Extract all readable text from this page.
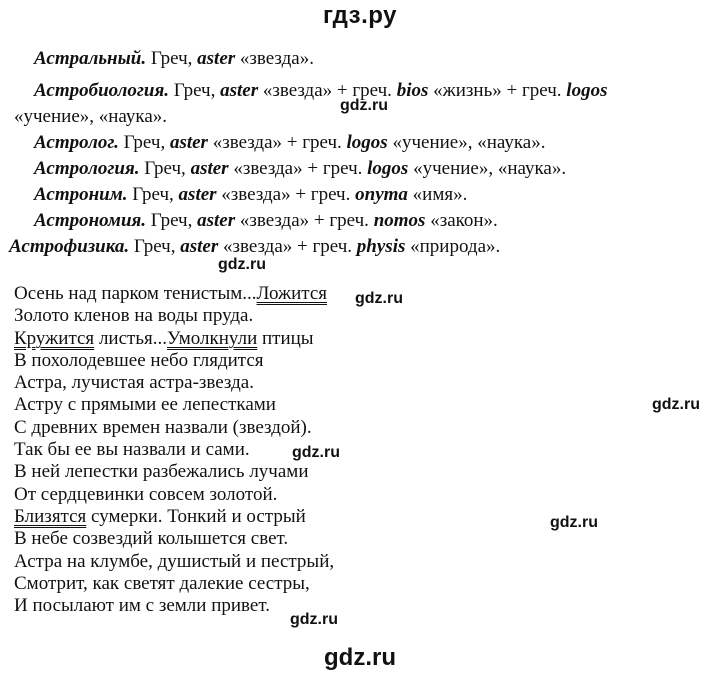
гдз.ру
Астральный. Греч, aster «звезда».
Астробиология. Греч, aster «звезда» + греч. bios «жизнь» + греч. logos
«учение», «наука».
Астролог. Греч, aster «звезда» + греч. logos «учение», «наука».
Астрология. Греч, aster «звезда» + греч. logos «учение», «наука».
Астроним. Греч, aster «звезда» + греч. onyma «имя».
Астрономия. Греч, aster «звезда» + греч. nomos «закон».
Астрофизика. Греч, aster «звезда» + греч. physis «природа».
Осень над парком тенистым...Ложится
Золото кленов на воды пруда.
Кружится листья...Умолкнули птицы
В похолодевшее небо глядится
Астра, лучистая астра-звезда.
Астру с прямыми ее лепестками
С древних времен назвали (звездой).
Так бы ее вы назвали и сами.
В ней лепестки разбежались лучами
От сердцевинки совсем золотой.
Близятся сумерки. Тонкий и острый
В небе созвездий колышется свет.
Астра на клумбе, душистый и пестрый,
Смотрит, как светят далекие сестры,
И посылают им с земли привет.
gdz.ru
gdz.ru
gdz.ru
gdz.ru
gdz.ru
gdz.ru
gdz.ru
gdz.ru
